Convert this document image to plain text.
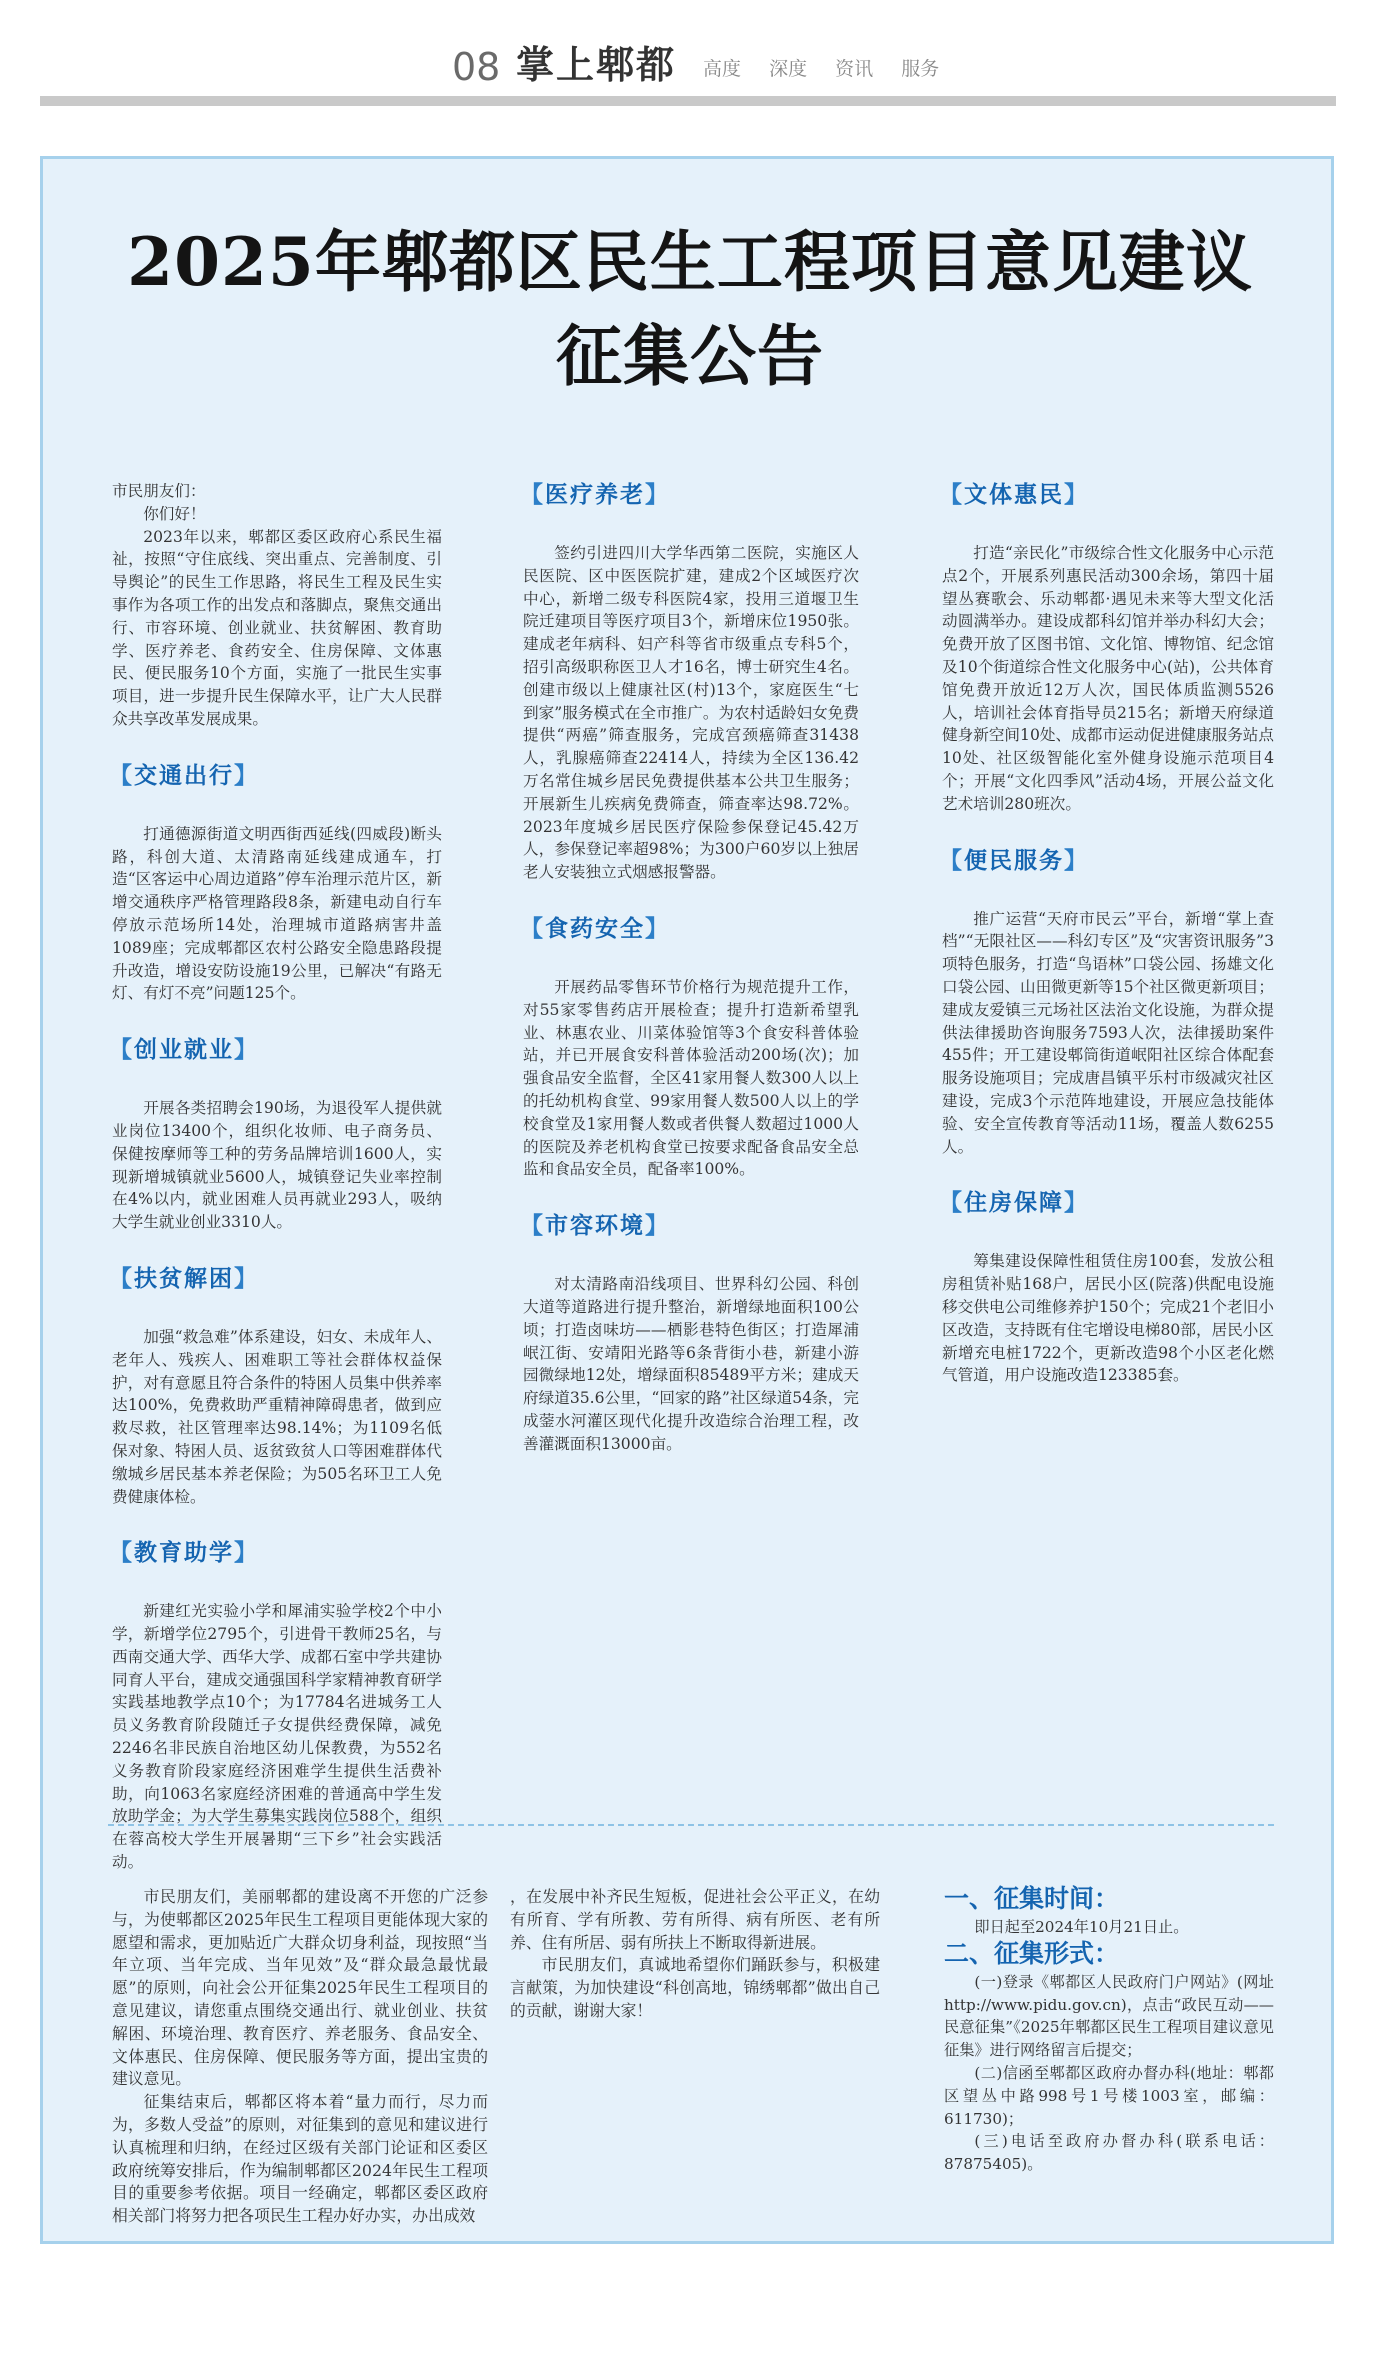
08 掌上郫都 高度 深度 资讯 服务
2025年郫都区民生工程项目意见建议
征集公告

市民朋友们：

你们好！

2023年以来，郫都区委区政府心系民生福祉，按照“守住底线、突出重点、完善制度、引导舆论”的民生工作思路，将民生工程及民生实事作为各项工作的出发点和落脚点，聚焦交通出行、市容环境、创业就业、扶贫解困、教育助学、医疗养老、食药安全、住房保障、文体惠民、便民服务10个方面，实施了一批民生实事项目，进一步提升民生保障水平，让广大人民群众共享改革发展成果。

【交通出行】

打通德源街道文明西街西延线(四威段)断头路，科创大道、太清路南延线建成通车，打造“区客运中心周边道路”停车治理示范片区，新增交通秩序严格管理路段8条，新建电动自行车停放示范场所14处，治理城市道路病害井盖1089座；完成郫都区农村公路安全隐患路段提升改造，增设安防设施19公里，已解决“有路无灯、有灯不亮”问题125个。

【创业就业】

开展各类招聘会190场，为退役军人提供就业岗位13400个，组织化妆师、电子商务员、保健按摩师等工种的劳务品牌培训1600人，实现新增城镇就业5600人，城镇登记失业率控制在4%以内，就业困难人员再就业293人，吸纳大学生就业创业3310人。

【扶贫解困】

加强“救急难”体系建设，妇女、未成年人、老年人、残疾人、困难职工等社会群体权益保护，对有意愿且符合条件的特困人员集中供养率达100%，免费救助严重精神障碍患者，做到应救尽救，社区管理率达98.14%；为1109名低保对象、特困人员、返贫致贫人口等困难群体代缴城乡居民基本养老保险；为505名环卫工人免费健康体检。

【教育助学】

新建红光实验小学和犀浦实验学校2个中小学，新增学位2795个，引进骨干教师25名，与西南交通大学、西华大学、成都石室中学共建协同育人平台，建成交通强国科学家精神教育研学实践基地教学点10个；为17784名进城务工人员义务教育阶段随迁子女提供经费保障，减免2246名非民族自治地区幼儿保教费，为552名义务教育阶段家庭经济困难学生提供生活费补助，向1063名家庭经济困难的普通高中学生发放助学金；为大学生募集实践岗位588个，组织在蓉高校大学生开展暑期“三下乡”社会实践活动。

【医疗养老】

签约引进四川大学华西第二医院，实施区人民医院、区中医医院扩建，建成2个区域医疗次中心，新增二级专科医院4家，投用三道堰卫生院迁建项目等医疗项目3个，新增床位1950张。建成老年病科、妇产科等省市级重点专科5个，招引高级职称医卫人才16名，博士研究生4名。创建市级以上健康社区(村)13个，家庭医生“七到家”服务模式在全市推广。为农村适龄妇女免费提供“两癌”筛查服务，完成宫颈癌筛查31438人，乳腺癌筛查22414人，持续为全区136.42万名常住城乡居民免费提供基本公共卫生服务；开展新生儿疾病免费筛查，筛查率达98.72%。2023年度城乡居民医疗保险参保登记45.42万人，参保登记率超98%；为300户60岁以上独居老人安装独立式烟感报警器。

【食药安全】

开展药品零售环节价格行为规范提升工作，对55家零售药店开展检查；提升打造新希望乳业、林惠农业、川菜体验馆等3个食安科普体验站，并已开展食安科普体验活动200场(次)；加强食品安全监督，全区41家用餐人数300人以上的托幼机构食堂、99家用餐人数500人以上的学校食堂及1家用餐人数或者供餐人数超过1000人的医院及养老机构食堂已按要求配备食品安全总监和食品安全员，配备率100%。

【市容环境】

对太清路南沿线项目、世界科幻公园、科创大道等道路进行提升整治，新增绿地面积100公顷；打造卤味坊——栖影巷特色街区；打造犀浦岷江街、安靖阳光路等6条背街小巷，新建小游园微绿地12处，增绿面积85489平方米；建成天府绿道35.6公里，“回家的路”社区绿道54条，完成蓥水河灌区现代化提升改造综合治理工程，改善灌溉面积13000亩。

【文体惠民】

打造“亲民化”市级综合性文化服务中心示范点2个，开展系列惠民活动300余场，第四十届望丛赛歌会、乐动郫都·遇见未来等大型文化活动圆满举办。建设成都科幻馆并举办科幻大会；免费开放了区图书馆、文化馆、博物馆、纪念馆及10个街道综合性文化服务中心(站)，公共体育馆免费开放近12万人次，国民体质监测5526人，培训社会体育指导员215名；新增天府绿道健身新空间10处、成都市运动促进健康服务站点10处、社区级智能化室外健身设施示范项目4个；开展“文化四季风”活动4场，开展公益文化艺术培训280班次。

【便民服务】

推广运营“天府市民云”平台，新增“掌上查档”“无限社区——科幻专区”及“灾害资讯服务”3项特色服务，打造“鸟语林”口袋公园、扬雄文化口袋公园、山田微更新等15个社区微更新项目；建成友爱镇三元场社区法治文化设施，为群众提供法律援助咨询服务7593人次，法律援助案件455件；开工建设郫筒街道岷阳社区综合体配套服务设施项目；完成唐昌镇平乐村市级减灾社区建设，完成3个示范阵地建设，开展应急技能体验、安全宣传教育等活动11场，覆盖人数6255人。

【住房保障】

筹集建设保障性租赁住房100套，发放公租房租赁补贴168户，居民小区(院落)供配电设施移交供电公司维修养护150个；完成21个老旧小区改造，支持既有住宅增设电梯80部，居民小区新增充电桩1722个，更新改造98个小区老化燃气管道，用户设施改造123385套。

市民朋友们，美丽郫都的建设离不开您的广泛参与，为使郫都区2025年民生工程项目更能体现大家的愿望和需求，更加贴近广大群众切身利益，现按照“当年立项、当年完成、当年见效”及“群众最急最忧最愿”的原则，向社会公开征集2025年民生工程项目的意见建议，请您重点围绕交通出行、就业创业、扶贫解困、环境治理、教育医疗、养老服务、食品安全、文体惠民、住房保障、便民服务等方面，提出宝贵的建议意见。

征集结束后，郫都区将本着“量力而行，尽力而为，多数人受益”的原则，对征集到的意见和建议进行认真梳理和归纳，在经过区级有关部门论证和区委区政府统筹安排后，作为编制郫都区2024年民生工程项目的重要参考依据。项目一经确定，郫都区委区政府相关部门将努力把各项民生工程办好办实，办出成效

，在发展中补齐民生短板，促进社会公平正义，在幼有所育、学有所教、劳有所得、病有所医、老有所养、住有所居、弱有所扶上不断取得新进展。

市民朋友们，真诚地希望你们踊跃参与，积极建言献策，为加快建设“科创高地，锦绣郫都”做出自己的贡献，谢谢大家！

一、征集时间：

即日起至2024年10月21日止。

二、征集形式：

(一)登录《郫都区人民政府门户网站》(网址http://www.pidu.gov.cn)，点击“政民互动——民意征集”《2025年郫都区民生工程项目建议意见征集》进行网络留言后提交；

(二)信函至郫都区政府办督办科(地址：郫都区望丛中路998号1号楼1003室，邮编：611730)；

(三)电话至政府办督办科(联系电话：87875405)。
